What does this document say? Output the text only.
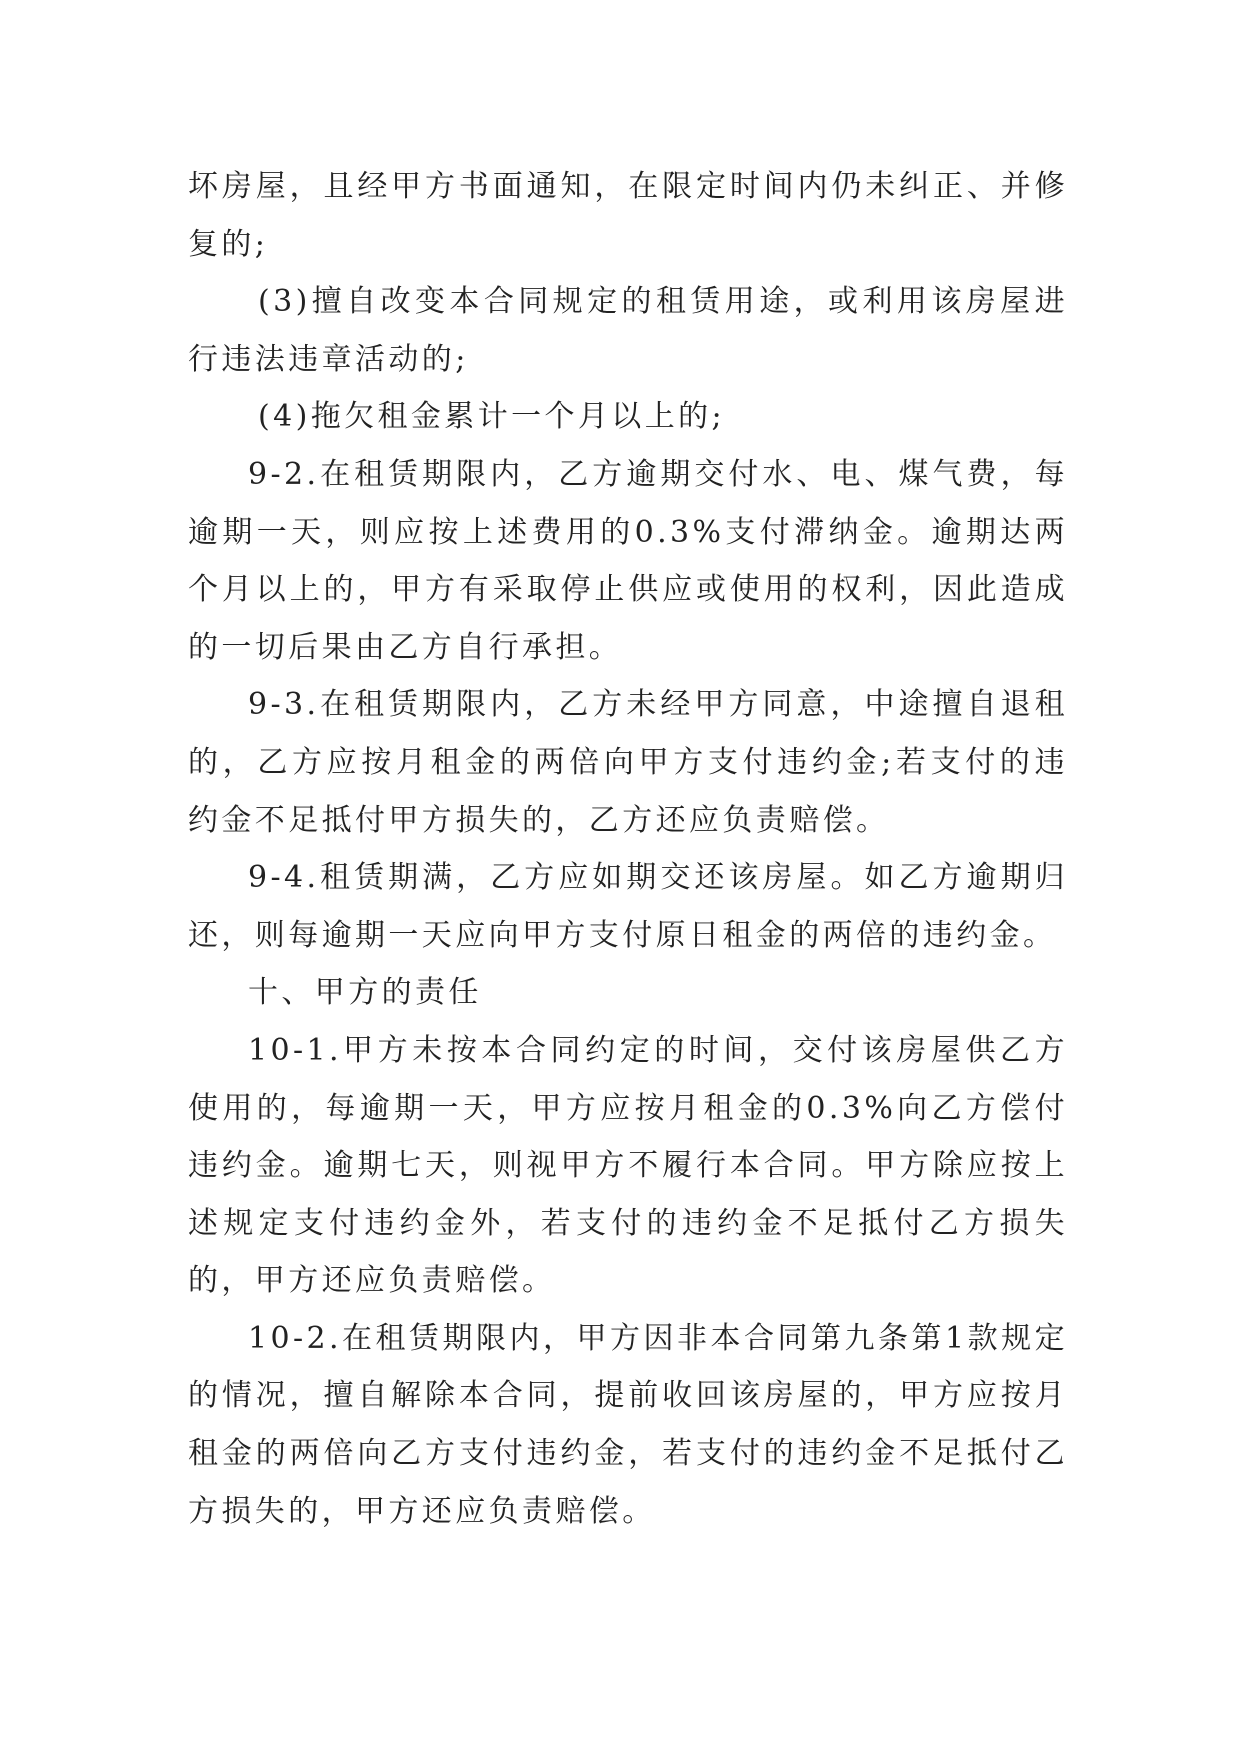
坏房屋，且经甲方书面通知，在限定时间内仍未纠正、并修复的;

(3)擅自改变本合同规定的租赁用途，或利用该房屋进行违法违章活动的;

(4)拖欠租金累计一个月以上的;

9-2.在租赁期限内，乙方逾期交付水、电、煤气费，每逾期一天，则应按上述费用的0.3%支付滞纳金。逾期达两个月以上的，甲方有采取停止供应或使用的权利，因此造成的一切后果由乙方自行承担。

9-3.在租赁期限内，乙方未经甲方同意，中途擅自退租的，乙方应按月租金的两倍向甲方支付违约金;若支付的违约金不足抵付甲方损失的，乙方还应负责赔偿。

9-4.租赁期满，乙方应如期交还该房屋。如乙方逾期归还，则每逾期一天应向甲方支付原日租金的两倍的违约金。

十、甲方的责任

10-1.甲方未按本合同约定的时间，交付该房屋供乙方使用的，每逾期一天，甲方应按月租金的0.3%向乙方偿付违约金。逾期七天，则视甲方不履行本合同。甲方除应按上述规定支付违约金外，若支付的违约金不足抵付乙方损失的，甲方还应负责赔偿。

10-2.在租赁期限内，甲方因非本合同第九条第1款规定的情况，擅自解除本合同，提前收回该房屋的，甲方应按月租金的两倍向乙方支付违约金，若支付的违约金不足抵付乙方损失的，甲方还应负责赔偿。
